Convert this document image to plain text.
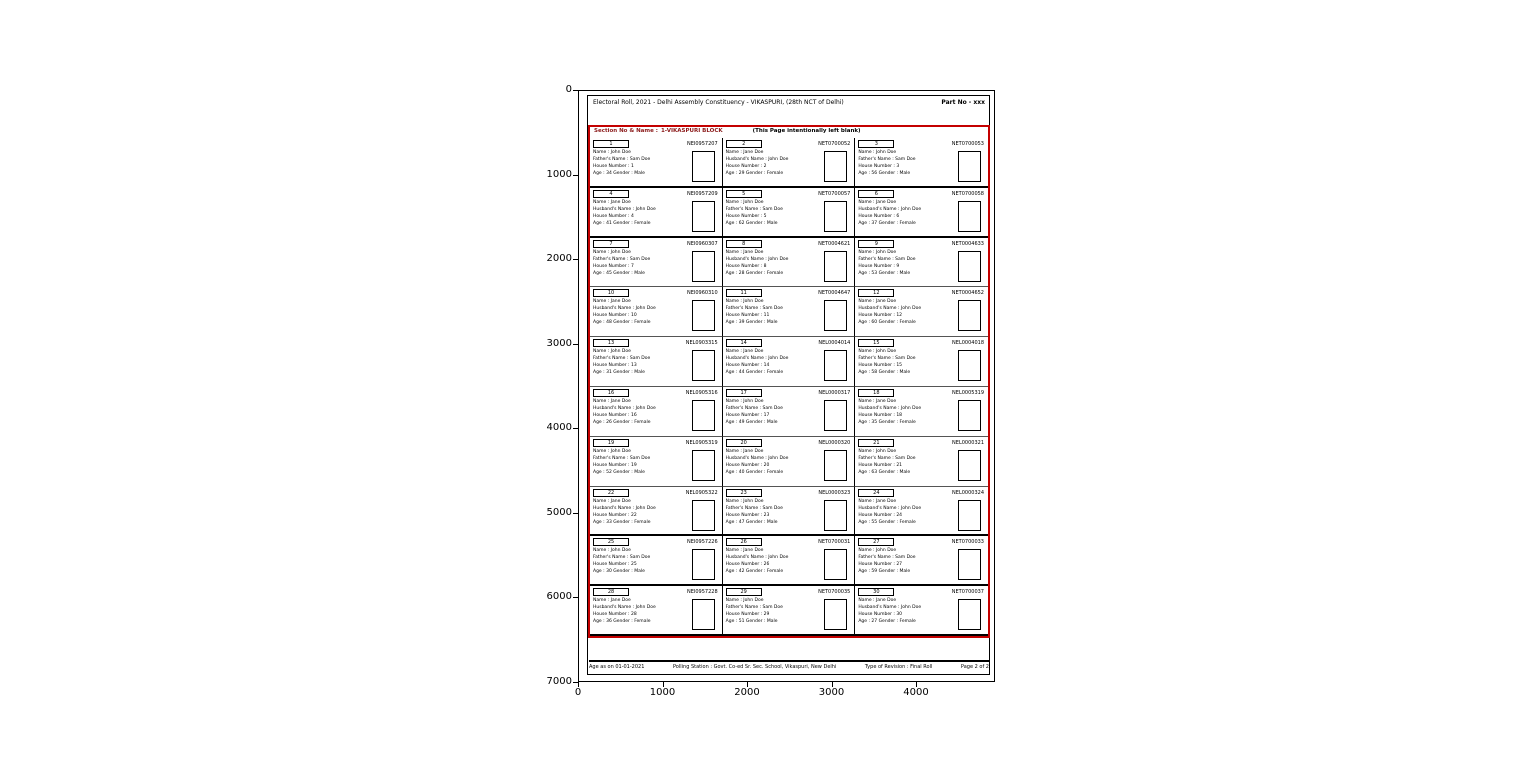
0
1000
2000
3000
4000
5000
6000
7000
0	1000	2000	3000	4000
Electoral Roll, 2021 - Delhi Assembly Constituency - VIKASPURI, (28th NCT of Delhi)	Part No - xxx
Section No & Name : 1-VIKASPURI BLOCK	(This Page intentionally left blank)
1	NEI0957207
Name : John Doe
Father's Name : Sam Doe
House Number : 1
Age : 34 Gender : Male
2	NET0700052
Name : Jane Doe
Husband's Name : John Doe
House Number : 2
Age : 29 Gender : Female
3	NET0700053
Name : John Doe
Father's Name : Sam Doe
House Number : 3
Age : 56 Gender : Male
4	NEI0957209
Name : Jane Doe
Husband's Name : John Doe
House Number : 4
Age : 41 Gender : Female
5	NET0700057
Name : John Doe
Father's Name : Sam Doe
House Number : 5
Age : 62 Gender : Male
6	NET0700058
Name : Jane Doe
Husband's Name : John Doe
House Number : 6
Age : 37 Gender : Female
7	NEI0960307
Name : John Doe
Father's Name : Sam Doe
House Number : 7
Age : 45 Gender : Male
8	NET0004621
Name : Jane Doe
Husband's Name : John Doe
House Number : 8
Age : 28 Gender : Female
9	NET0004633
Name : John Doe
Father's Name : Sam Doe
House Number : 9
Age : 53 Gender : Male
10	NEI0960310
Name : Jane Doe
Husband's Name : John Doe
House Number : 10
Age : 48 Gender : Female
11	NET0004647
Name : John Doe
Father's Name : Sam Doe
House Number : 11
Age : 39 Gender : Male
12	NET0004652
Name : Jane Doe
Husband's Name : John Doe
House Number : 12
Age : 60 Gender : Female
13	NEL0903315
Name : John Doe
Father's Name : Sam Doe
House Number : 13
Age : 31 Gender : Male
14	NEL0004014
Name : Jane Doe
Husband's Name : John Doe
House Number : 14
Age : 44 Gender : Female
15	NEL0004018
Name : John Doe
Father's Name : Sam Doe
House Number : 15
Age : 58 Gender : Male
16	NEL0905316
Name : Jane Doe
Husband's Name : John Doe
House Number : 16
Age : 26 Gender : Female
17	NEL0000317
Name : John Doe
Father's Name : Sam Doe
House Number : 17
Age : 49 Gender : Male
18	NEL0005319
Name : Jane Doe
Husband's Name : John Doe
House Number : 18
Age : 35 Gender : Female
19	NEL0905319
Name : John Doe
Father's Name : Sam Doe
House Number : 19
Age : 52 Gender : Male
20	NEL0000320
Name : Jane Doe
Husband's Name : John Doe
House Number : 20
Age : 40 Gender : Female
21	NEL0000321
Name : John Doe
Father's Name : Sam Doe
House Number : 21
Age : 63 Gender : Male
22	NEL0905322
Name : Jane Doe
Husband's Name : John Doe
House Number : 22
Age : 33 Gender : Female
23	NEL0000323
Name : John Doe
Father's Name : Sam Doe
House Number : 23
Age : 47 Gender : Male
24	NEL0000324
Name : Jane Doe
Husband's Name : John Doe
House Number : 24
Age : 55 Gender : Female
25	NEI0957226
Name : John Doe
Father's Name : Sam Doe
House Number : 25
Age : 30 Gender : Male
26	NET0700031
Name : Jane Doe
Husband's Name : John Doe
House Number : 26
Age : 42 Gender : Female
27	NET0700033
Name : John Doe
Father's Name : Sam Doe
House Number : 27
Age : 59 Gender : Male
28	NEI0957228
Name : Jane Doe
Husband's Name : John Doe
House Number : 28
Age : 36 Gender : Female
29	NET0700035
Name : John Doe
Father's Name : Sam Doe
House Number : 29
Age : 51 Gender : Male
30	NET0700037
Name : Jane Doe
Husband's Name : John Doe
House Number : 30
Age : 27 Gender : Female
Age as on 01-01-2021	Polling Station : Govt. Co-ed Sr. Sec. School, Vikaspuri, New Delhi	Type of Revision : Final Roll	Page 2 of 2
